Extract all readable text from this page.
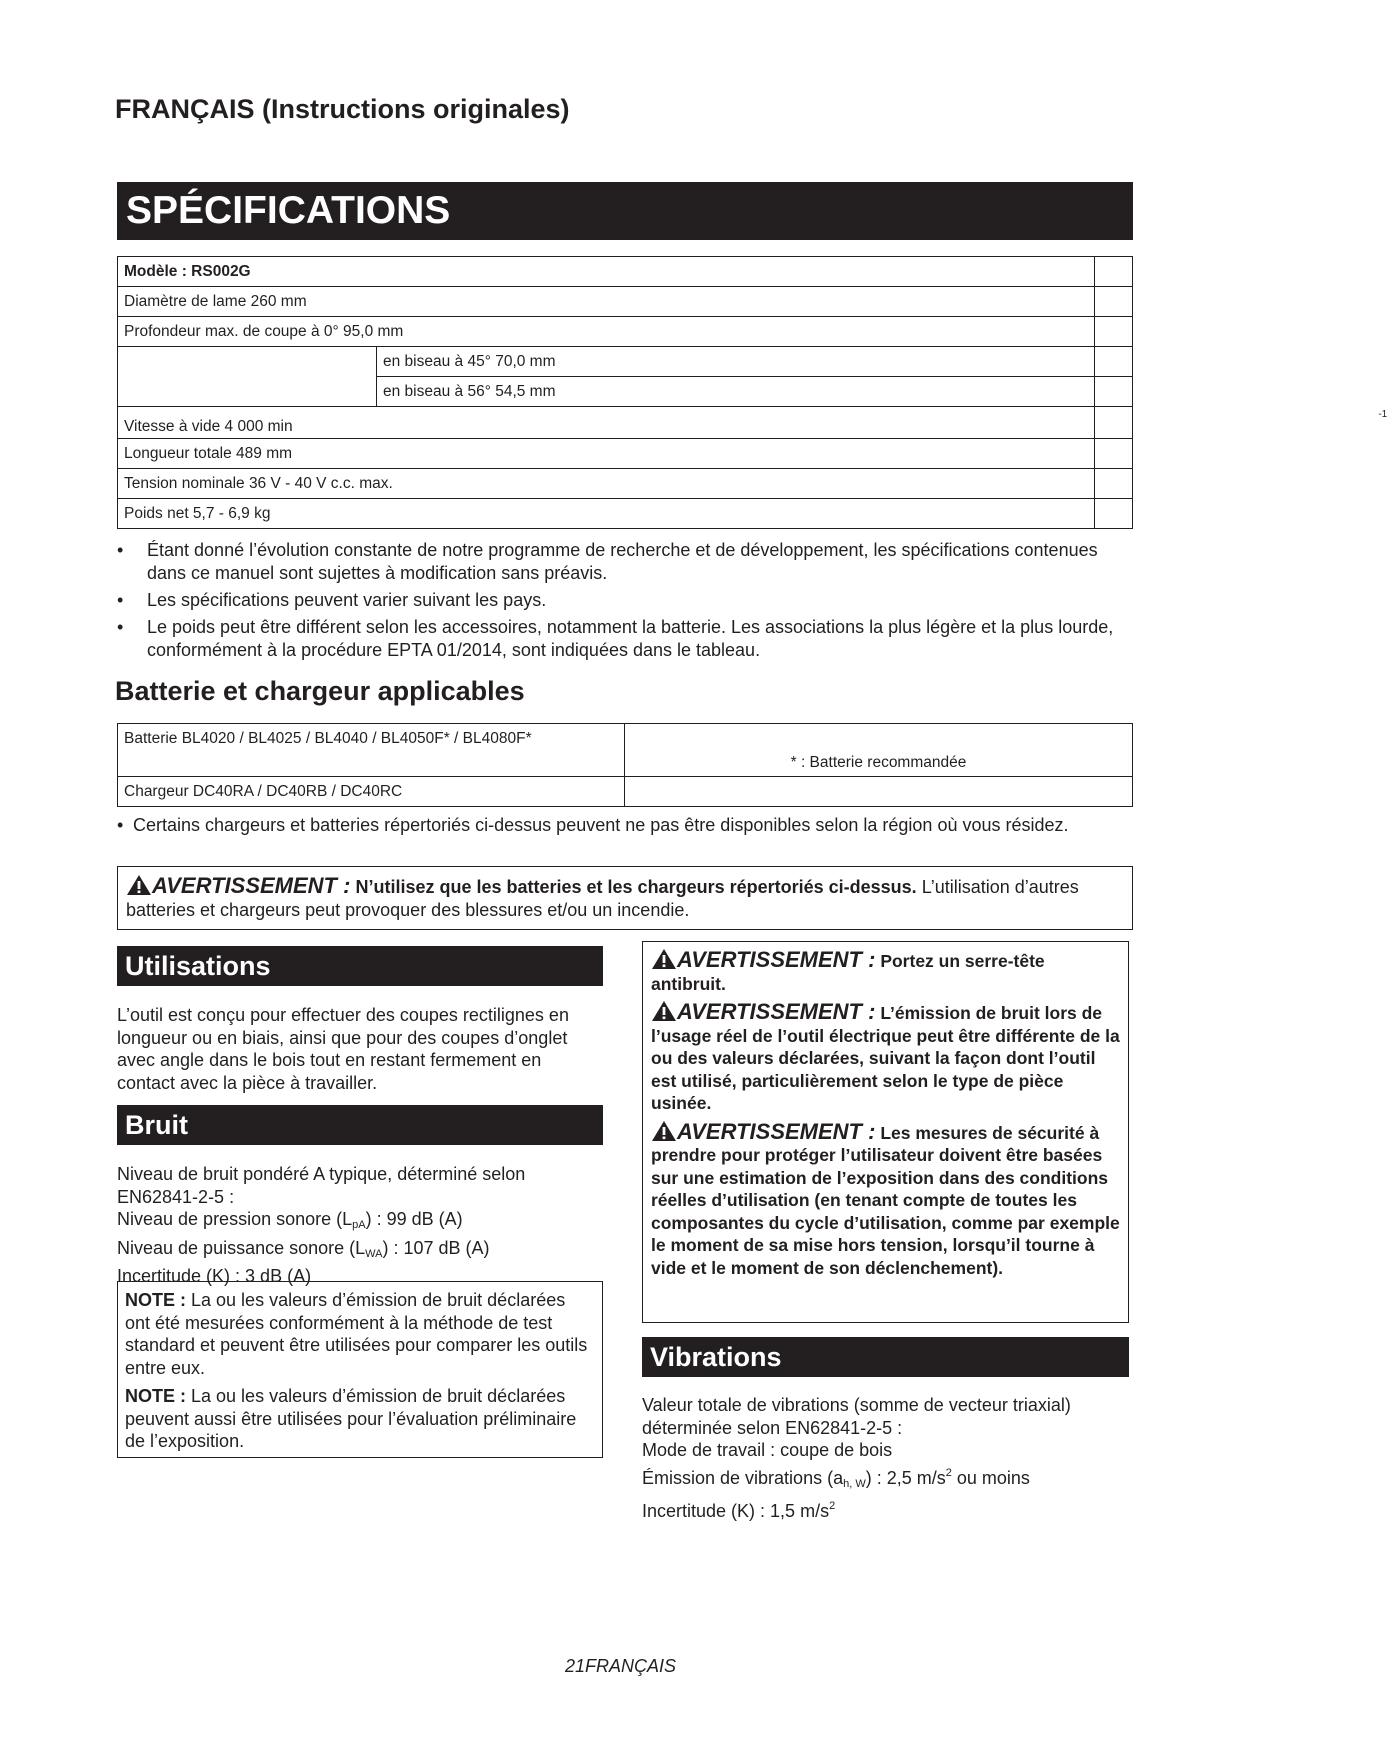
FRANÇAIS (Instructions originales)
SPÉCIFICATIONS
Modèle : RS002G		
Diamètre de lame 260 mm		
Profondeur max. de coupe à 0° 95,0 mm		
	en biseau à 45° 70,0 mm	
	en biseau à 56° 54,5 mm	
Vitesse à vide 4 000 min		-1

Longueur totale 489 mm		
Tension nominale 36 V - 40 V c.c. max.		
Poids net 5,7 - 6,9 kg		
• Étant donné l’évolution constante de notre programme de recherche et de développement, les spécifications contenues dans ce manuel sont sujettes à modification sans préavis.
•	Les spécifications peuvent varier suivant les pays.
•	Le poids peut être différent selon les accessoires, notamment la batterie. Les associations la plus légère et la plus lourde, conformément à la procédure EPTA 01/2014, sont indiquées dans le tableau.
Batterie et chargeur applicables
Batterie BL4020 / BL4025 / BL4040 / BL4050F* / BL4080F*	* : Batterie recommandée
Chargeur DC40RA / DC40RB / DC40RC	
• Certains chargeurs et batteries répertoriés ci-dessus peuvent ne pas être disponibles selon la région où vous résidez.
AVERTISSEMENT : N’utilisez que les batteries et les chargeurs répertoriés ci-dessus. L’utilisation d’autres batteries et chargeurs peut provoquer des blessures et/ou un incendie.
Utilisations
L’outil est conçu pour effectuer des coupes rectilignes en longueur ou en biais, ainsi que pour des coupes d’onglet avec angle dans le bois tout en restant fermement en contact avec la pièce à travailler.
Bruit
Niveau de bruit pondéré A typique, déterminé selon EN62841-2-5 :
Niveau de pression sonore $(L_{pA})$ : 99 dB (A)
Niveau de puissance sonore $(L_{WA})$ : 107 dB (A)
Incertitude (K) : 3 dB (A)
NOTE : La ou les valeurs d’émission de bruit déclarées ont été mesurées conformément à la méthode de test standard et peuvent être utilisées pour comparer les outils entre eux.
NOTE : La ou les valeurs d’émission de bruit déclarées peuvent aussi être utilisées pour l’évaluation préliminaire de l’exposition.
AVERTISSEMENT : Portez un serre-tête antibruit.
AVERTISSEMENT : L’émission de bruit lors de l’usage réel de l’outil électrique peut être différente de la ou des valeurs déclarées, suivant la façon dont l’outil est utilisé, particulièrement selon le type de pièce usinée.
AVERTISSEMENT : Les mesures de sécurité à prendre pour protéger l’utilisateur doivent être basées sur une estimation de l’exposition dans des conditions réelles d’utilisation (en tenant compte de toutes les composantes du cycle d’utilisation, comme par exemple le moment de sa mise hors tension, lorsqu’il tourne à vide et le moment de son déclenchement).
Vibrations
Valeur totale de vibrations (somme de vecteur triaxial) déterminée selon EN62841-2-5 :
Mode de travail : coupe de bois
Émission de vibrations $(a_{h, W})$ : 2,5 $m/s^2$ ou moins
Incertitude (K) : 1,5 $m/s^2$
21FRANÇAIS
